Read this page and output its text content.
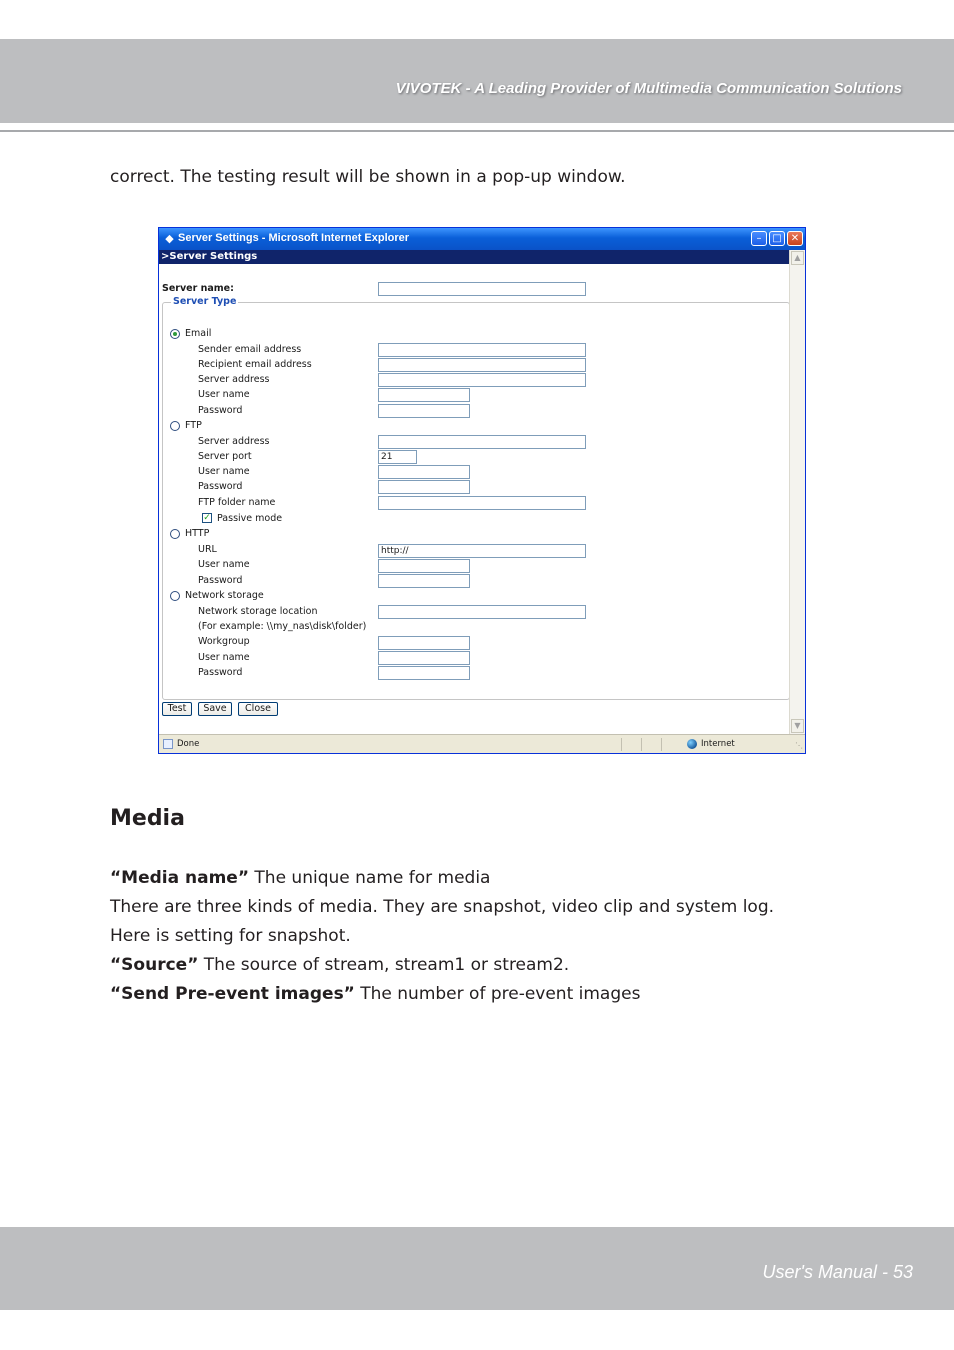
VIVOTEK - A Leading Provider of Multimedia Communication Solutions
correct. The testing result will be shown in a pop-up window.
◆ Server Settings - Microsoft Internet Explorer	–	□ ✕
>Server Settings
Server name:
Server Type
Email
Sender email address
Recipient email address
Server address
User name
Password
FTP
Server address
Server port	21
User name
Password
FTP folder name
✓ Passive mode
HTTP
URL	http://
User name
Password
Network storage
Network storage location
(For example: \\my_nas\disk\folder)
Workgroup
User name
Password
Test	Save	Close
▲
▼
Done	Internet	⋱
Media
“Media name” The unique name for media
There are three kinds of media. They are snapshot, video clip and system log.
Here is setting for snapshot.
“Source” The source of stream, stream1 or stream2.
“Send Pre-event images” The number of pre-event images
User's Manual - 53
